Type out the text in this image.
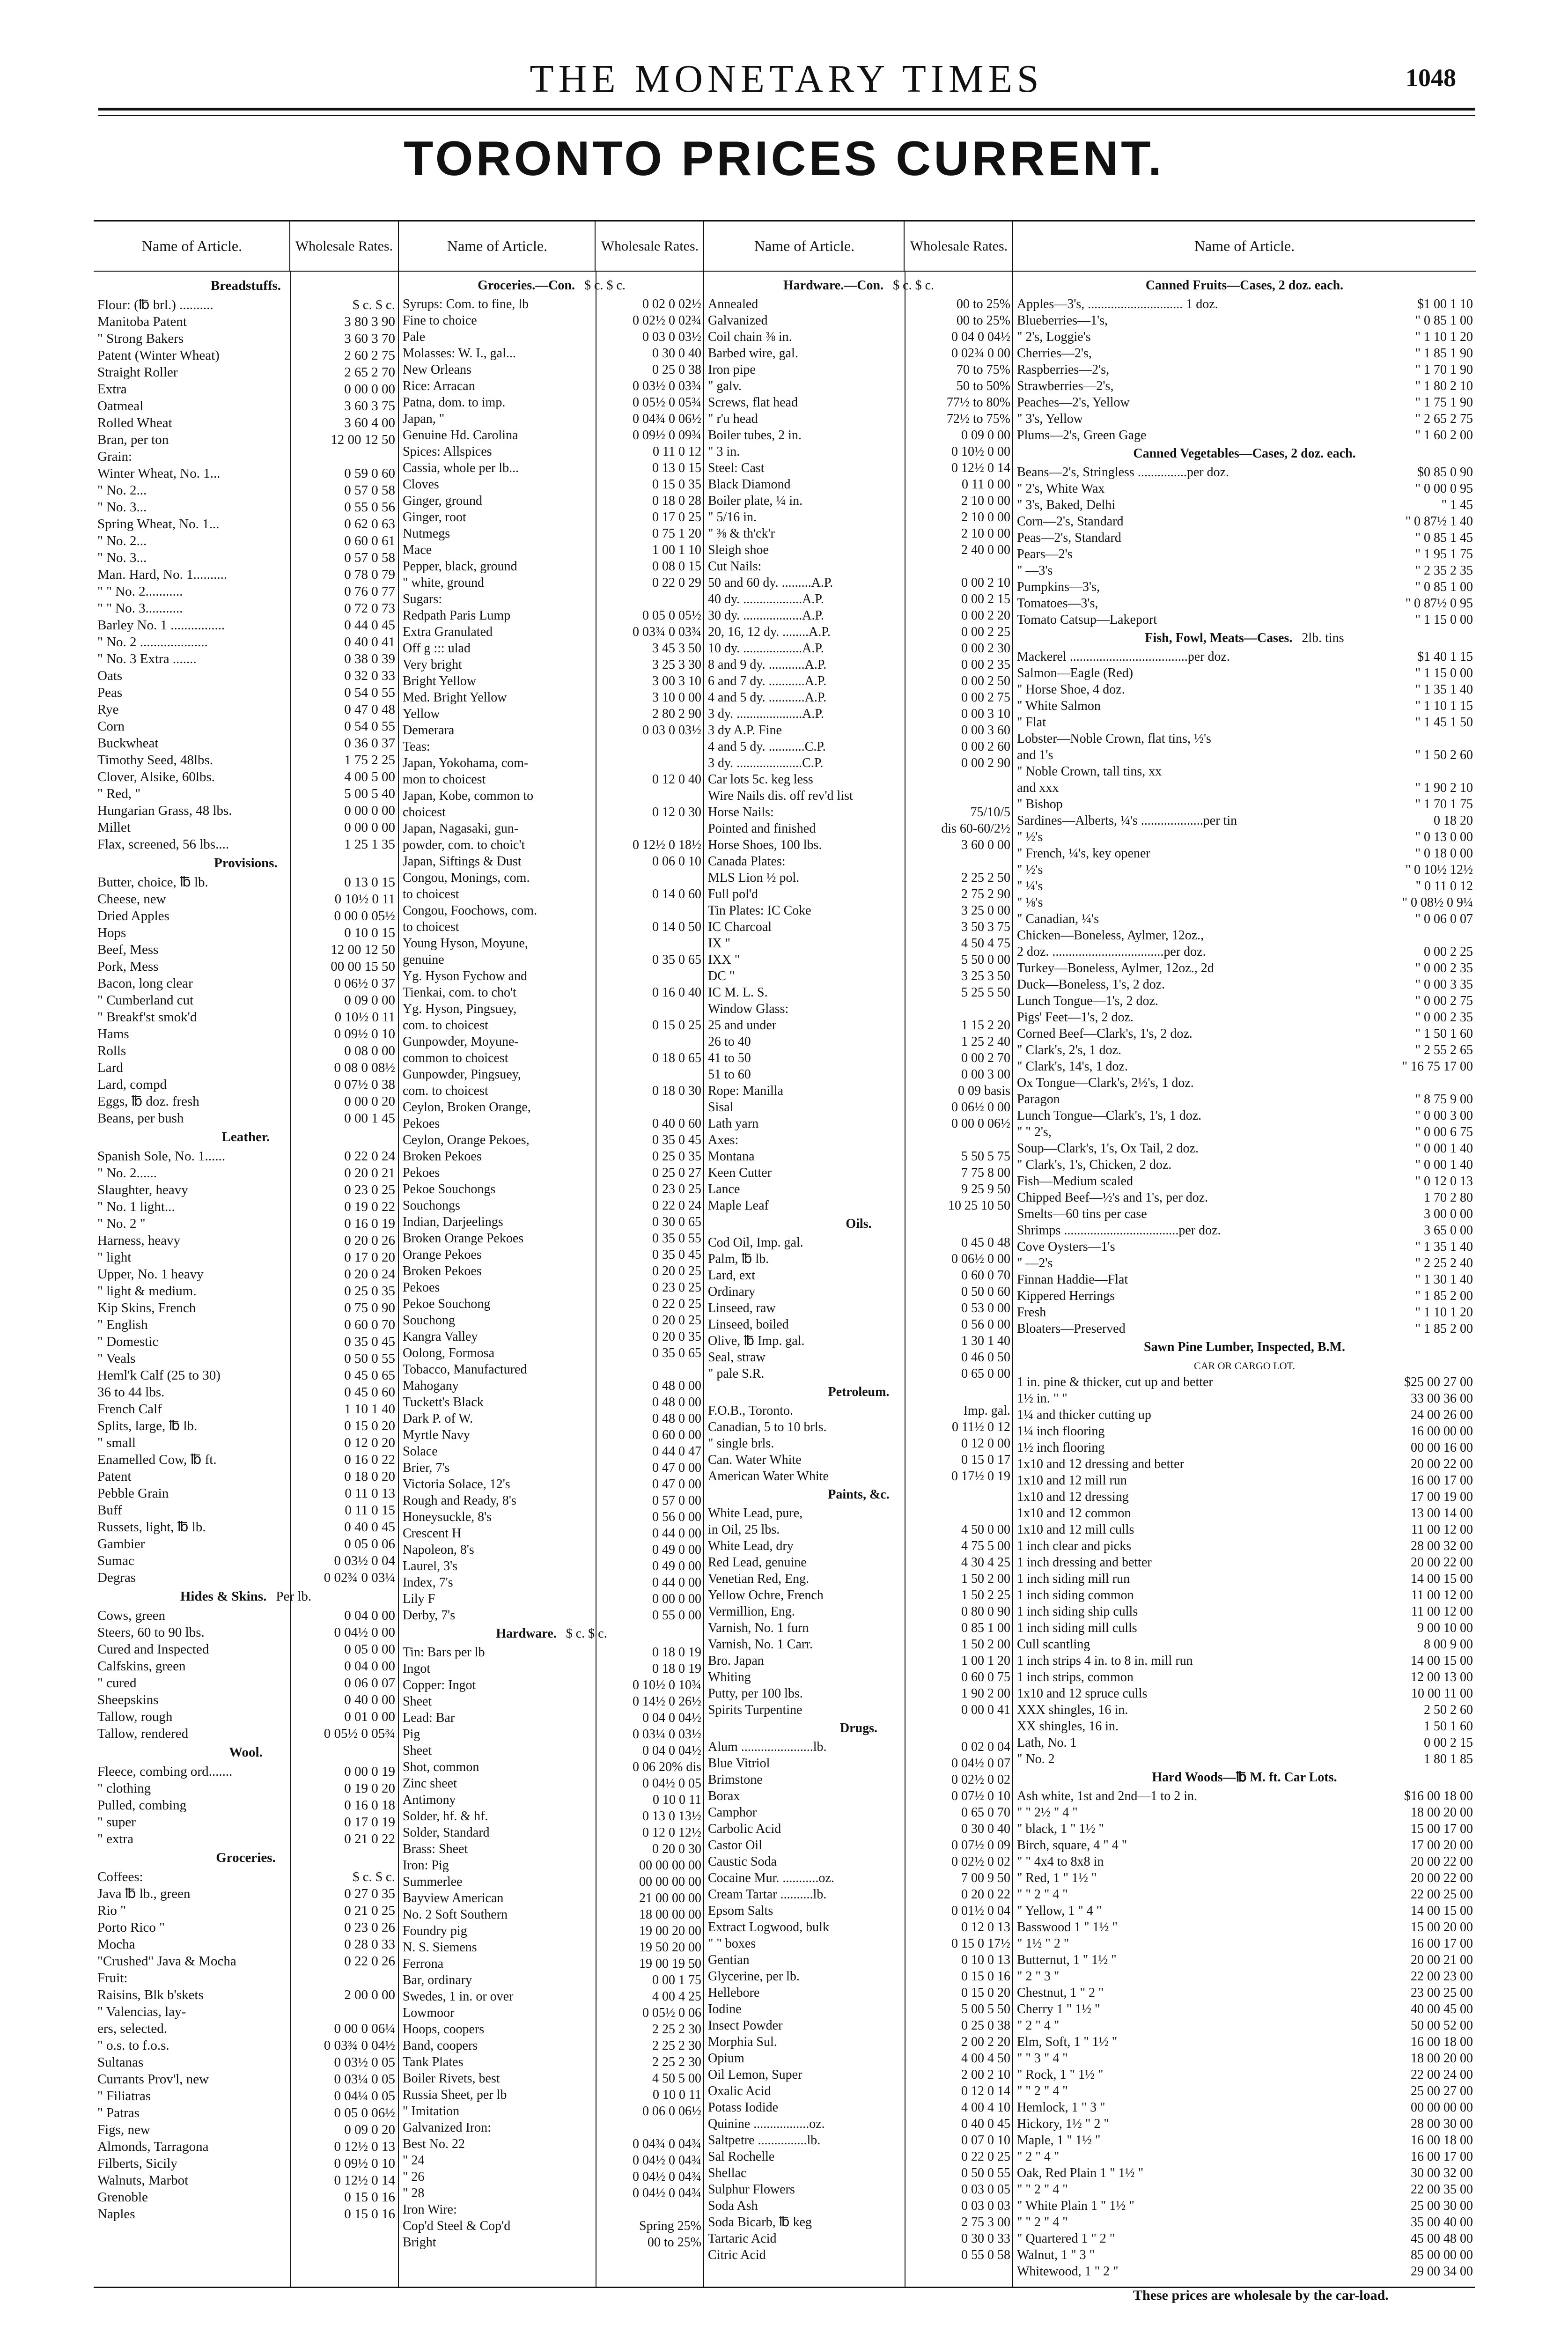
THE MONETARY TIMES	1048
TORONTO PRICES CURRENT.
Name of Article.	Wholesale Rates.
Breadstuffs.
Flour: (℔ brl.) ..........	$ c. $ c.
Manitoba Patent	3 80 3 90
" Strong Bakers	3 60 3 70
Patent (Winter Wheat)	2 60 2 75
Straight Roller	2 65 2 70
Extra	0 00 0 00
Oatmeal	3 60 3 75
Rolled Wheat	3 60 4 00
Bran, per ton	12 00 12 50
Grain:
Winter Wheat, No. 1...	0 59 0 60
" No. 2...	0 57 0 58
" No. 3...	0 55 0 56
Spring Wheat, No. 1...	0 62 0 63
" No. 2...	0 60 0 61
" No. 3...	0 57 0 58
Man. Hard, No. 1..........	0 78 0 79
" " No. 2...........	0 76 0 77
" " No. 3...........	0 72 0 73
Barley No. 1 ................	0 44 0 45
" No. 2 ....................	0 40 0 41
" No. 3 Extra .......	0 38 0 39
Oats	0 32 0 33
Peas	0 54 0 55
Rye	0 47 0 48
Corn	0 54 0 55
Buckwheat	0 36 0 37
Timothy Seed, 48lbs.	1 75 2 25
Clover, Alsike, 60lbs.	4 00 5 00
" Red, "	5 00 5 40
Hungarian Grass, 48 lbs.	0 00 0 00
Millet	0 00 0 00
Flax, screened, 56 lbs....	1 25 1 35
Provisions.
Butter, choice, ℔ lb.	0 13 0 15
Cheese, new	0 10½ 0 11
Dried Apples	0 00 0 05½
Hops	0 10 0 15
Beef, Mess	12 00 12 50
Pork, Mess	00 00 15 50
Bacon, long clear	0 06½ 0 37
" Cumberland cut	0 09 0 00
" Breakf'st smok'd	0 10½ 0 11
Hams	0 09½ 0 10
Rolls	0 08 0 00
Lard	0 08 0 08½
Lard, compd	0 07½ 0 38
Eggs, ℔ doz. fresh	0 00 0 20
Beans, per bush	0 00 1 45
Leather.
Spanish Sole, No. 1......	0 22 0 24
" No. 2......	0 20 0 21
Slaughter, heavy	0 23 0 25
" No. 1 light...	0 19 0 22
" No. 2 "	0 16 0 19
Harness, heavy	0 20 0 26
" light	0 17 0 20
Upper, No. 1 heavy	0 20 0 24
" light & medium.	0 25 0 35
Kip Skins, French	0 75 0 90
" English	0 60 0 70
" Domestic	0 35 0 45
" Veals	0 50 0 55
Heml'k Calf (25 to 30)	0 45 0 65
36 to 44 lbs.	0 45 0 60
French Calf	1 10 1 40
Splits, large, ℔ lb.	0 15 0 20
" small	0 12 0 20
Enamelled Cow, ℔ ft.	0 16 0 22
Patent	0 18 0 20
Pebble Grain	0 11 0 13
Buff	0 11 0 15
Russets, light, ℔ lb.	0 40 0 45
Gambier	0 05 0 06
Sumac	0 03½ 0 04
Degras	0 02¾ 0 03¼
Hides & Skins. Per lb.
Cows, green	0 04 0 00
Steers, 60 to 90 lbs.	0 04½ 0 00
Cured and Inspected	0 05 0 00
Calfskins, green	0 04 0 00
" cured	0 06 0 07
Sheepskins	0 40 0 00
Tallow, rough	0 01 0 00
Tallow, rendered	0 05½ 0 05¾
Wool.
Fleece, combing ord.......	0 00 0 19
" clothing	0 19 0 20
Pulled, combing	0 16 0 18
" super	0 17 0 19
" extra	0 21 0 22
Groceries.
Coffees:	$ c. $ c.
Java ℔ lb., green	0 27 0 35
Rio "	0 21 0 25
Porto Rico "	0 23 0 26
Mocha	0 28 0 33
"Crushed" Java & Mocha	0 22 0 26
Fruit:
Raisins, Blk b'skets	2 00 0 00
" Valencias, lay-
ers, selected.	0 00 0 06¼
" o.s. to f.o.s.	0 03¾ 0 04½
Sultanas	0 03½ 0 05
Currants Prov'l, new	0 03¼ 0 05
" Filiatras	0 04¼ 0 05
" Patras	0 05 0 06½
Figs, new	0 09 0 20
Almonds, Tarragona	0 12½ 0 13
Filberts, Sicily	0 09½ 0 10
Walnuts, Marbot	0 12½ 0 14
Grenoble	0 15 0 16
Naples	0 15 0 16
Name of Article.	Wholesale Rates.
Groceries.—Con. $ c. $ c.
Syrups: Com. to fine, lb	0 02 0 02½
Fine to choice	0 02½ 0 02¾
Pale	0 03 0 03½
Molasses: W. I., gal...	0 30 0 40
New Orleans	0 25 0 38
Rice: Arracan	0 03½ 0 03¾
Patna, dom. to imp.	0 05½ 0 05¾
Japan, "	0 04¾ 0 06½
Genuine Hd. Carolina	0 09½ 0 09¾
Spices: Allspices	0 11 0 12
Cassia, whole per lb...	0 13 0 15
Cloves	0 15 0 35
Ginger, ground	0 18 0 28
Ginger, root	0 17 0 25
Nutmegs	0 75 1 20
Mace	1 00 1 10
Pepper, black, ground	0 08 0 15
" white, ground	0 22 0 29
Sugars:
Redpath Paris Lump	0 05 0 05½
Extra Granulated	0 03¾ 0 03¾
Off g ::: ulad	3 45 3 50
Very bright	3 25 3 30
Bright Yellow	3 00 3 10
Med. Bright Yellow	3 10 0 00
Yellow	2 80 2 90
Demerara	0 03 0 03½
Teas:
Japan, Yokohama, com-
mon to choicest	0 12 0 40
Japan, Kobe, common to
choicest	0 12 0 30
Japan, Nagasaki, gun-
powder, com. to choic't	0 12½ 0 18½
Japan, Siftings & Dust	0 06 0 10
Congou, Monings, com.
to choicest	0 14 0 60
Congou, Foochows, com.
to choicest	0 14 0 50
Young Hyson, Moyune,
genuine	0 35 0 65
Yg. Hyson Fychow and
Tienkai, com. to cho't	0 16 0 40
Yg. Hyson, Pingsuey,
com. to choicest	0 15 0 25
Gunpowder, Moyune-
common to choicest	0 18 0 65
Gunpowder, Pingsuey,
com. to choicest	0 18 0 30
Ceylon, Broken Orange,
Pekoes	0 40 0 60
Ceylon, Orange Pekoes,	0 35 0 45
Broken Pekoes	0 25 0 35
Pekoes	0 25 0 27
Pekoe Souchongs	0 23 0 25
Souchongs	0 22 0 24
Indian, Darjeelings	0 30 0 65
Broken Orange Pekoes	0 35 0 55
Orange Pekoes	0 35 0 45
Broken Pekoes	0 20 0 25
Pekoes	0 23 0 25
Pekoe Souchong	0 22 0 25
Souchong	0 20 0 25
Kangra Valley	0 20 0 35
Oolong, Formosa	0 35 0 65
Tobacco, Manufactured
Mahogany	0 48 0 00
Tuckett's Black	0 48 0 00
Dark P. of W.	0 48 0 00
Myrtle Navy	0 60 0 00
Solace	0 44 0 47
Brier, 7's	0 47 0 00
Victoria Solace, 12's	0 47 0 00
Rough and Ready, 8's	0 57 0 00
Honeysuckle, 8's	0 56 0 00
Crescent H	0 44 0 00
Napoleon, 8's	0 49 0 00
Laurel, 3's	0 49 0 00
Index, 7's	0 44 0 00
Lily F	0 00 0 00
Derby, 7's	0 55 0 00
Hardware. $ c. $ c.
Tin: Bars per lb	0 18 0 19
Ingot	0 18 0 19
Copper: Ingot	0 10½ 0 10¾
Sheet	0 14½ 0 26½
Lead: Bar	0 04 0 04½
Pig	0 03¼ 0 03½
Sheet	0 04 0 04½
Shot, common	0 06 20% dis
Zinc sheet	0 04½ 0 05
Antimony	0 10 0 11
Solder, hf. & hf.	0 13 0 13½
Solder, Standard	0 12 0 12½
Brass: Sheet	0 20 0 30
Iron: Pig	00 00 00 00
Summerlee	00 00 00 00
Bayview American	21 00 00 00
No. 2 Soft Southern	18 00 00 00
Foundry pig	19 00 20 00
N. S. Siemens	19 50 20 00
Ferrona	19 00 19 50
Bar, ordinary	0 00 1 75
Swedes, 1 in. or over	4 00 4 25
Lowmoor	0 05½ 0 06
Hoops, coopers	2 25 2 30
Band, coopers	2 25 2 30
Tank Plates	2 25 2 30
Boiler Rivets, best	4 50 5 00
Russia Sheet, per lb	0 10 0 11
" Imitation	0 06 0 06½
Galvanized Iron:
Best No. 22	0 04¾ 0 04¾
" 24	0 04½ 0 04¾
" 26	0 04½ 0 04¾
" 28	0 04½ 0 04¾
Iron Wire:
Cop'd Steel & Cop'd	Spring 25%
Bright	00 to 25%
Name of Article.	Wholesale Rates.
Hardware.—Con. $ c. $ c.
Annealed	00 to 25%
Galvanized	00 to 25%
Coil chain ⅜ in.	0 04 0 04½
Barbed wire, gal.	0 02¾ 0 00
Iron pipe	70 to 75%
" galv.	50 to 50%
Screws, flat head	77½ to 80%
" r'u head	72½ to 75%
Boiler tubes, 2 in.	0 09 0 00
" 3 in.	0 10½ 0 00
Steel: Cast	0 12½ 0 14
Black Diamond	0 11 0 00
Boiler plate, ¼ in.	2 10 0 00
" 5/16 in.	2 10 0 00
" ⅜ & th'ck'r	2 10 0 00
Sleigh shoe	2 40 0 00
Cut Nails:
50 and 60 dy. .........A.P.	0 00 2 10
40 dy. ..................A.P.	0 00 2 15
30 dy. ..................A.P.	0 00 2 20
20, 16, 12 dy. ........A.P.	0 00 2 25
10 dy. ..................A.P.	0 00 2 30
8 and 9 dy. ...........A.P.	0 00 2 35
6 and 7 dy. ...........A.P.	0 00 2 50
4 and 5 dy. ...........A.P.	0 00 2 75
3 dy. ....................A.P.	0 00 3 10
3 dy A.P. Fine	0 00 3 60
4 and 5 dy. ...........C.P.	0 00 2 60
3 dy. ....................C.P.	0 00 2 90
Car lots 5c. keg less
Wire Nails dis. off rev'd list
Horse Nails:	75/10/5
Pointed and finished	dis 60-60/2½
Horse Shoes, 100 lbs.	3 60 0 00
Canada Plates:
MLS Lion ½ pol.	2 25 2 50
Full pol'd	2 75 2 90
Tin Plates: IC Coke	3 25 0 00
IC Charcoal	3 50 3 75
IX "	4 50 4 75
IXX "	5 50 0 00
DC "	3 25 3 50
IC M. L. S.	5 25 5 50
Window Glass:
25 and under	1 15 2 20
26 to 40	1 25 2 40
41 to 50	0 00 2 70
51 to 60	0 00 3 00
Rope: Manilla	0 09 basis
Sisal	0 06½ 0 00
Lath yarn	0 00 0 06½
Axes:
Montana	5 50 5 75
Keen Cutter	7 75 8 00
Lance	9 25 9 50
Maple Leaf	10 25 10 50
Oils.
Cod Oil, Imp. gal.	0 45 0 48
Palm, ℔ lb.	0 06½ 0 00
Lard, ext	0 60 0 70
Ordinary	0 50 0 60
Linseed, raw	0 53 0 00
Linseed, boiled	0 56 0 00
Olive, ℔ Imp. gal.	1 30 1 40
Seal, straw	0 46 0 50
" pale S.R.	0 65 0 00
Petroleum.
F.O.B., Toronto.	Imp. gal.
Canadian, 5 to 10 brls.	0 11½ 0 12
" single brls.	0 12 0 00
Can. Water White	0 15 0 17
American Water White	0 17½ 0 19
Paints, &c.
White Lead, pure,
in Oil, 25 lbs.	4 50 0 00
White Lead, dry	4 75 5 00
Red Lead, genuine	4 30 4 25
Venetian Red, Eng.	1 50 2 00
Yellow Ochre, French	1 50 2 25
Vermillion, Eng.	0 80 0 90
Varnish, No. 1 furn	0 85 1 00
Varnish, No. 1 Carr.	1 50 2 00
Bro. Japan	1 00 1 20
Whiting	0 60 0 75
Putty, per 100 lbs.	1 90 2 00
Spirits Turpentine	0 00 0 41
Drugs.
Alum ......................lb.	0 02 0 04
Blue Vitriol	0 04½ 0 07
Brimstone	0 02½ 0 02
Borax	0 07½ 0 10
Camphor	0 65 0 70
Carbolic Acid	0 30 0 40
Castor Oil	0 07½ 0 09
Caustic Soda	0 02½ 0 02
Cocaine Mur. ...........oz.	7 00 9 50
Cream Tartar ..........lb.	0 20 0 22
Epsom Salts	0 01½ 0 04
Extract Logwood, bulk	0 12 0 13
" " boxes	0 15 0 17½
Gentian	0 10 0 13
Glycerine, per lb.	0 15 0 16
Hellebore	0 15 0 20
Iodine	5 00 5 50
Insect Powder	0 25 0 38
Morphia Sul.	2 00 2 20
Opium	4 00 4 50
Oil Lemon, Super	2 00 2 10
Oxalic Acid	0 12 0 14
Potass Iodide	4 00 4 10
Quinine .................oz.	0 40 0 45
Saltpetre ...............lb.	0 07 0 10
Sal Rochelle	0 22 0 25
Shellac	0 50 0 55
Sulphur Flowers	0 03 0 05
Soda Ash	0 03 0 03
Soda Bicarb, ℔ keg	2 75 3 00
Tartaric Acid	0 30 0 33
Citric Acid	0 55 0 58
Name of Article.
Canned Fruits—Cases, 2 doz. each.
Apples—3's, ............................. 1 doz.	$1 00 1 10
Blueberries—1's,	" 0 85 1 00
" 2's, Loggie's	" 1 10 1 20
Cherries—2's,	" 1 85 1 90
Raspberries—2's,	" 1 70 1 90
Strawberries—2's,	" 1 80 2 10
Peaches—2's, Yellow	" 1 75 1 90
" 3's, Yellow	" 2 65 2 75
Plums—2's, Green Gage	" 1 60 2 00
Canned Vegetables—Cases, 2 doz. each.
Beans—2's, Stringless ...............per doz.	$0 85 0 90
" 2's, White Wax	" 0 00 0 95
" 3's, Baked, Delhi	" 1 45
Corn—2's, Standard	" 0 87½ 1 40
Peas—2's, Standard	" 0 85 1 45
Pears—2's	" 1 95 1 75
" —3's	" 2 35 2 35
Pumpkins—3's,	" 0 85 1 00
Tomatoes—3's,	" 0 87½ 0 95
Tomato Catsup—Lakeport	" 1 15 0 00
Fish, Fowl, Meats—Cases. 2lb. tins
Mackerel ....................................per doz.	$1 40 1 15
Salmon—Eagle (Red)	" 1 15 0 00
" Horse Shoe, 4 doz.	" 1 35 1 40
" White Salmon	" 1 10 1 15
" Flat	" 1 45 1 50
Lobster—Noble Crown, flat tins, ½'s
and 1's	" 1 50 2 60
" Noble Crown, tall tins, xx
and xxx	" 1 90 2 10
" Bishop	" 1 70 1 75
Sardines—Alberts, ¼'s ...................per tin	0 18 20
" ½'s	" 0 13 0 00
" French, ¼'s, key opener	" 0 18 0 00
" ½'s	" 0 10½ 12½
" ¼'s	" 0 11 0 12
" ⅛'s	" 0 08½ 0 9¼
" Canadian, ¼'s	" 0 06 0 07
Chicken—Boneless, Aylmer, 12oz.,
2 doz. ..................................per doz.	0 00 2 25
Turkey—Boneless, Aylmer, 12oz., 2d	" 0 00 2 35
Duck—Boneless, 1's, 2 doz.	" 0 00 3 35
Lunch Tongue—1's, 2 doz.	" 0 00 2 75
Pigs' Feet—1's, 2 doz.	" 0 00 2 35
Corned Beef—Clark's, 1's, 2 doz.	" 1 50 1 60
" Clark's, 2's, 1 doz.	" 2 55 2 65
" Clark's, 14's, 1 doz.	" 16 75 17 00
Ox Tongue—Clark's, 2½'s, 1 doz.
Paragon	" 8 75 9 00
Lunch Tongue—Clark's, 1's, 1 doz.	" 0 00 3 00
" " 2's,	" 0 00 6 75
Soup—Clark's, 1's, Ox Tail, 2 doz.	" 0 00 1 40
" Clark's, 1's, Chicken, 2 doz.	" 0 00 1 40
Fish—Medium scaled	" 0 12 0 13
Chipped Beef—½'s and 1's, per doz.	1 70 2 80
Smelts—60 tins per case	3 00 0 00
Shrimps ...................................per doz.	3 65 0 00
Cove Oysters—1's	" 1 35 1 40
" —2's	" 2 25 2 40
Finnan Haddie—Flat	" 1 30 1 40
Kippered Herrings	" 1 85 2 00
Fresh	" 1 10 1 20
Bloaters—Preserved	" 1 85 2 00
Sawn Pine Lumber, Inspected, B.M.
CAR OR CARGO LOT.
1 in. pine & thicker, cut up and better	$25 00 27 00
1½ in. " "	33 00 36 00
1¼ and thicker cutting up	24 00 26 00
1¼ inch flooring	16 00 00 00
1½ inch flooring	00 00 16 00
1x10 and 12 dressing and better	20 00 22 00
1x10 and 12 mill run	16 00 17 00
1x10 and 12 dressing	17 00 19 00
1x10 and 12 common	13 00 14 00
1x10 and 12 mill culls	11 00 12 00
1 inch clear and picks	28 00 32 00
1 inch dressing and better	20 00 22 00
1 inch siding mill run	14 00 15 00
1 inch siding common	11 00 12 00
1 inch siding ship culls	11 00 12 00
1 inch siding mill culls	9 00 10 00
Cull scantling	8 00 9 00
1 inch strips 4 in. to 8 in. mill run	14 00 15 00
1 inch strips, common	12 00 13 00
1x10 and 12 spruce culls	10 00 11 00
XXX shingles, 16 in.	2 50 2 60
XX shingles, 16 in.	1 50 1 60
Lath, No. 1	0 00 2 15
" No. 2	1 80 1 85
Hard Woods—℔ M. ft. Car Lots.
Ash white, 1st and 2nd—1 to 2 in.	$16 00 18 00
" " 2½ " 4 "	18 00 20 00
" black, 1 " 1½ "	15 00 17 00
Birch, square, 4 " 4 "	17 00 20 00
" " 4x4 to 8x8 in	20 00 22 00
" Red, 1 " 1½ "	20 00 22 00
" " 2 " 4 "	22 00 25 00
" Yellow, 1 " 4 "	14 00 15 00
Basswood 1 " 1½ "	15 00 20 00
" 1½ " 2 "	16 00 17 00
Butternut, 1 " 1½ "	20 00 21 00
" 2 " 3 "	22 00 23 00
Chestnut, 1 " 2 "	23 00 25 00
Cherry 1 " 1½ "	40 00 45 00
" 2 " 4 "	50 00 52 00
Elm, Soft, 1 " 1½ "	16 00 18 00
" " 3 " 4 "	18 00 20 00
" Rock, 1 " 1½ "	22 00 24 00
" " 2 " 4 "	25 00 27 00
Hemlock, 1 " 3 "	00 00 00 00
Hickory, 1½ " 2 "	28 00 30 00
Maple, 1 " 1½ "	16 00 18 00
" 2 " 4 "	16 00 17 00
Oak, Red Plain 1 " 1½ "	30 00 32 00
" " 2 " 4 "	22 00 35 00
" White Plain 1 " 1½ "	25 00 30 00
" " 2 " 4 "	35 00 40 00
" Quartered 1 " 2 "	45 00 48 00
Walnut, 1 " 3 "	85 00 00 00
Whitewood, 1 " 2 "	29 00 34 00
These prices are wholesale by the car-load.
